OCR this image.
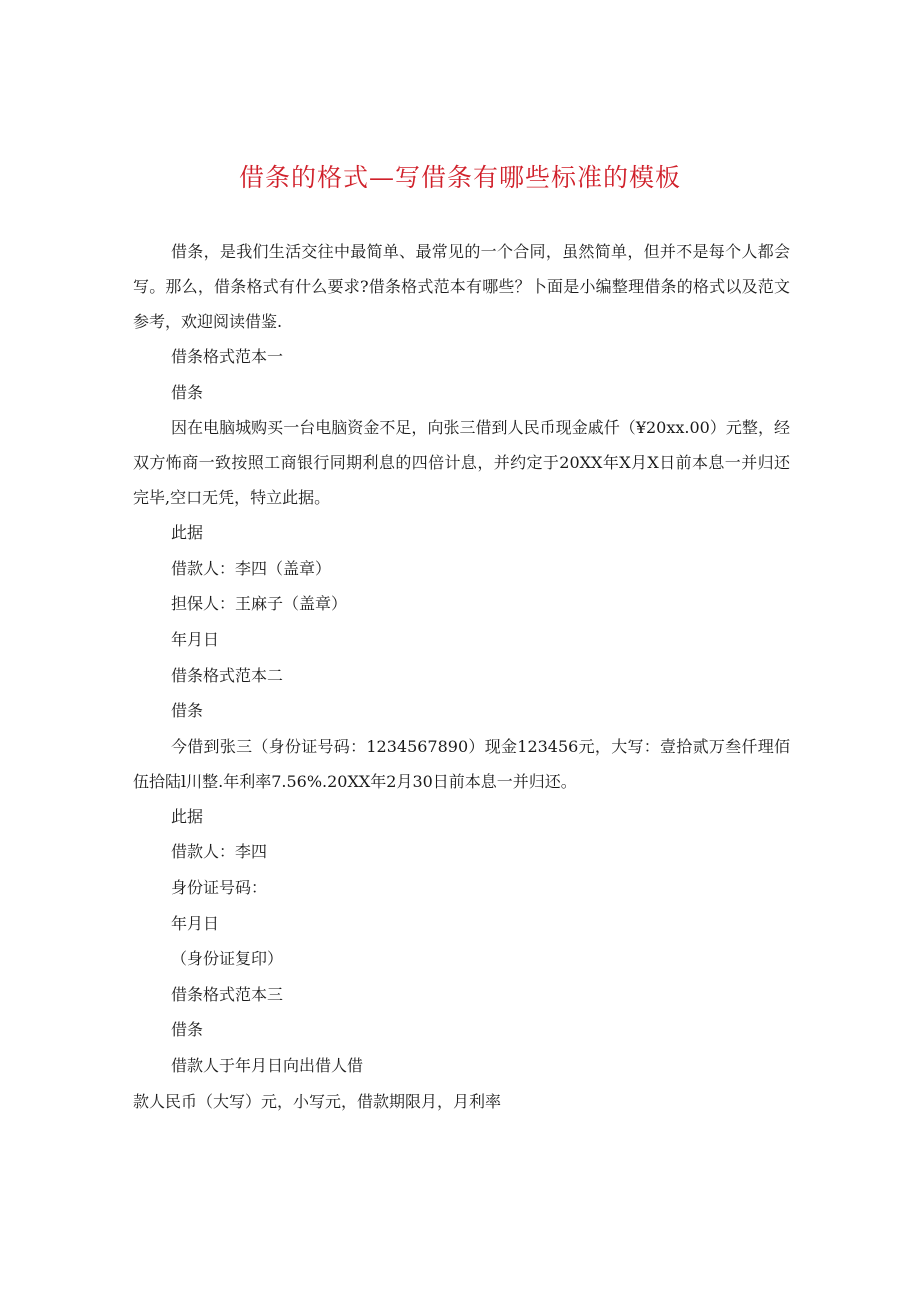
借条的格式—写借条有哪些标准的模板

借条，是我们生活交往中最简单、最常见的一个合同，虽然简单，但并不是每个人都会写。那么，借条格式有什么要求?借条格式范本有哪些？卜面是小编整理借条的格式以及范文参考，欢迎阅读借鉴.

借条格式范本一

借条

因在电脑城购买一台电脑资金不足，向张三借到人民币现金戚仟（¥20xx.00）元整，经双方怖商一致按照工商银行同期利息的四倍计息，并约定于20XX年X月X日前本息一并归还完毕,空口无凭，特立此据。

此据

借款人：李四（盖章）

担保人：王麻子（盖章）

年月日

借条格式范本二

借条

今借到张三（身份证号码：1234567890）现金123456元，大写：壹拾贰万叁仟理佰伍拾陆l川整.年利率7.56%.20XX年2月30日前本息一并归还。

此据

借款人：李四

身份证号码：

年月日

（身份证复印）

借条格式范本三

借条

借款人于年月日向出借人借

款人民币（大写）元，小写元，借款期限月，月利率
